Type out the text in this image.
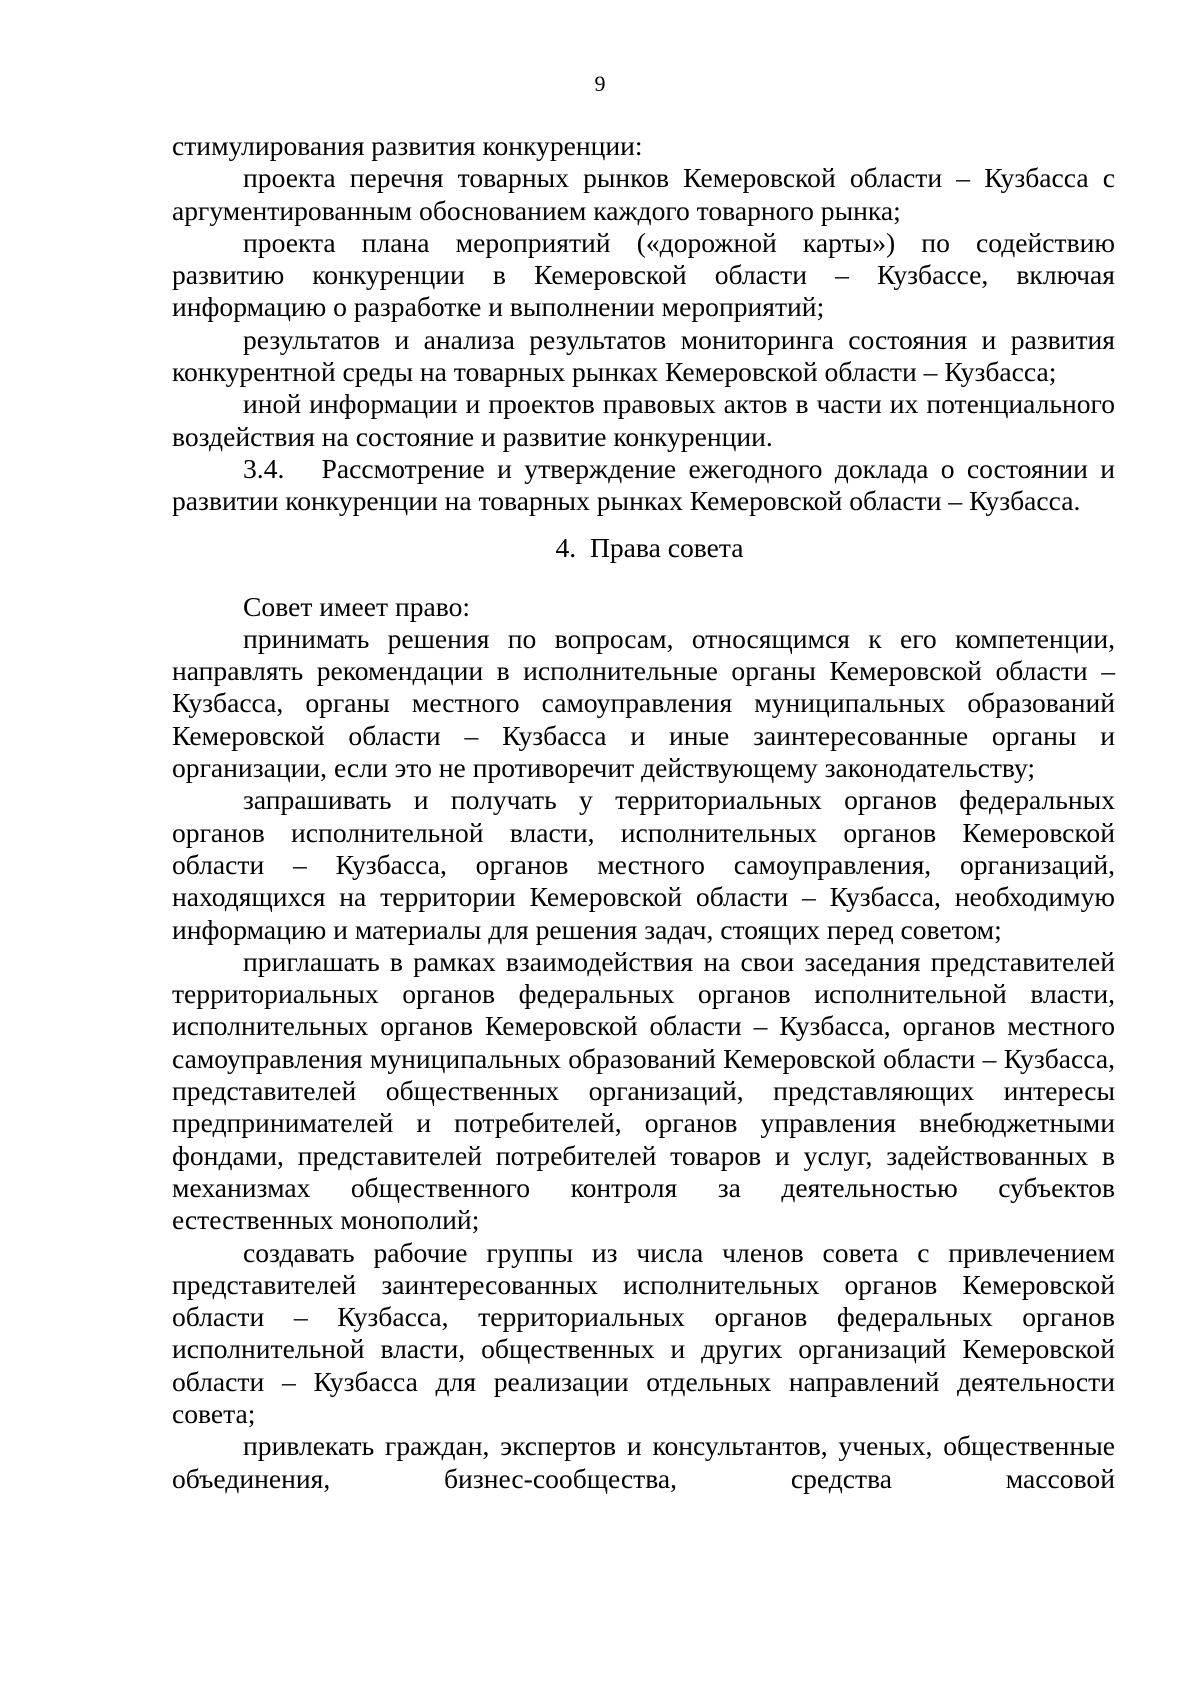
9

стимулирования развития конкуренции:

проекта перечня товарных рынков Кемеровской области – Кузбасса с аргументированным обоснованием каждого товарного рынка;

проекта плана мероприятий («дорожной карты») по содействию развитию конкуренции в Кемеровской области – Кузбассе, включая информацию о разработке и выполнении мероприятий;

результатов и анализа результатов мониторинга состояния и развития конкурентной среды на товарных рынках Кемеровской области – Кузбасса;

иной информации и проектов правовых актов в части их потенциального воздействия на состояние и развитие конкуренции.

3.4.   Рассмотрение и утверждение ежегодного доклада о состоянии и развитии конкуренции на товарных рынках Кемеровской области – Кузбасса.

4.  Права совета

Совет имеет право:

принимать решения по вопросам, относящимся к его компетенции, направлять рекомендации в исполнительные органы Кемеровской области – Кузбасса, органы местного самоуправления муниципальных образований Кемеровской области – Кузбасса и иные заинтересованные органы и организации, если это не противоречит действующему законодательству;

запрашивать и получать у территориальных органов федеральных органов исполнительной власти, исполнительных органов Кемеровской области – Кузбасса, органов местного самоуправления, организаций, находящихся на территории Кемеровской области – Кузбасса, необходимую информацию и материалы для решения задач, стоящих перед советом;

приглашать в рамках взаимодействия на свои заседания представителей территориальных органов федеральных органов исполнительной власти, исполнительных органов Кемеровской области – Кузбасса, органов местного самоуправления муниципальных образований Кемеровской области – Кузбасса, представителей общественных организаций, представляющих интересы предпринимателей и потребителей, органов управления внебюджетными фондами, представителей потребителей товаров и услуг, задействованных в механизмах общественного контроля за деятельностью субъектов естественных монополий;

создавать рабочие группы из числа членов совета с привлечением представителей заинтересованных исполнительных органов Кемеровской области – Кузбасса, территориальных органов федеральных органов исполнительной власти, общественных и других организаций Кемеровской области – Кузбасса для реализации отдельных направлений деятельности совета;

привлекать граждан, экспертов и консультантов, ученых, общественные объединения, бизнес-сообщества, средства массовой
